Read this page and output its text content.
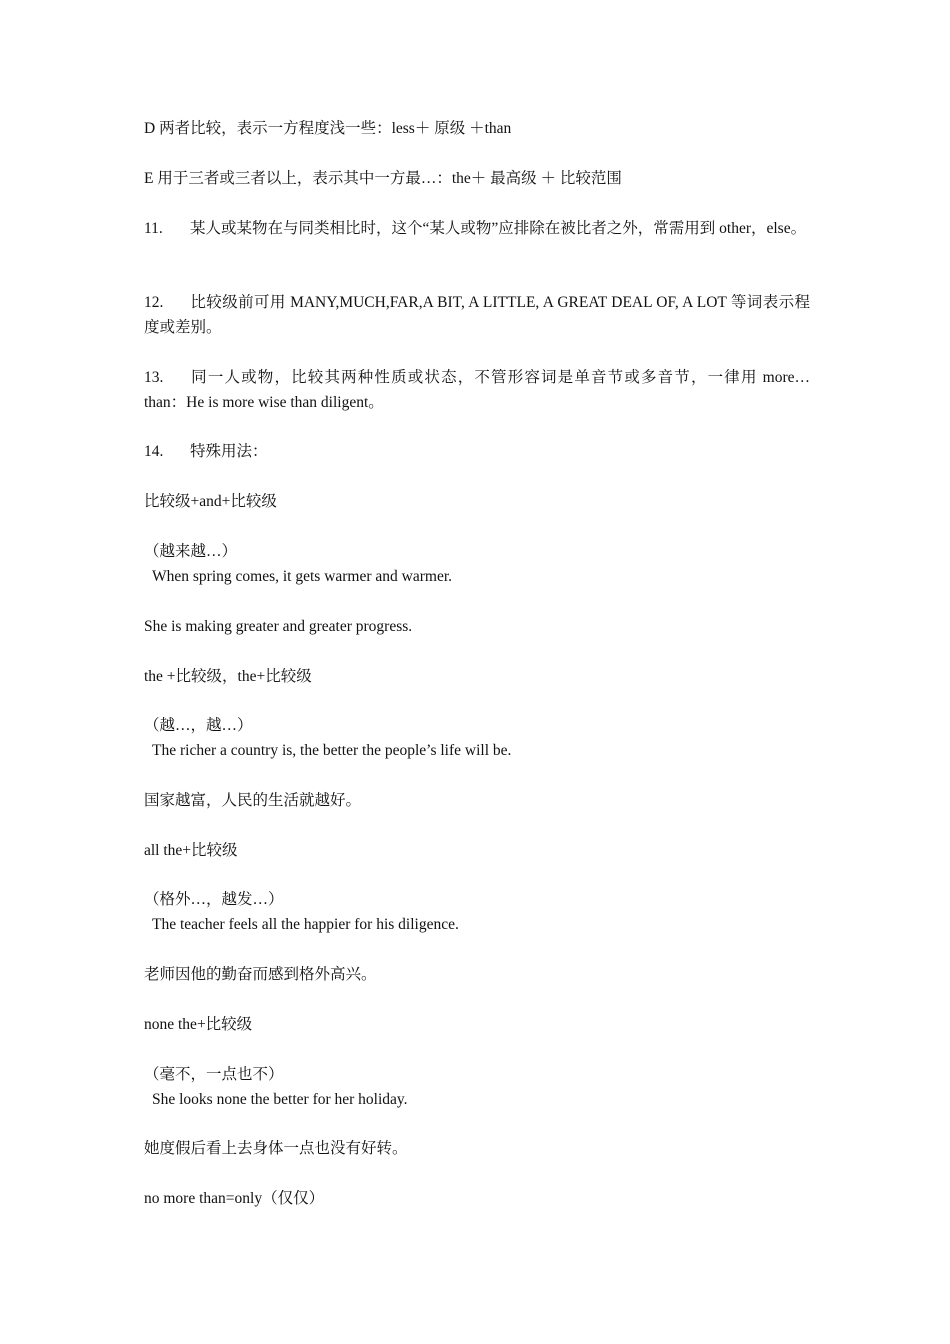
D 两者比较，表示一方程度浅一些：less＋ 原级 ＋than
E 用于三者或三者以上，表示其中一方最…：the＋ 最高级 ＋ 比较范围
11. 某人或某物在与同类相比时，这个“某人或物”应排除在被比者之外，常需用到 other，else。
12. 比较级前可用 MANY,MUCH,FAR,A BIT, A LITTLE, A GREAT DEAL OF, A LOT 等词表示程度或差别。
13. 同一人或物，比较其两种性质或状态，不管形容词是单音节或多音节，一律用 more…than：He is more wise than diligent。
14. 特殊用法：
比较级+and+比较级
（越来越…）
When spring comes, it gets warmer and warmer.
She is making greater and greater progress.
the +比较级，the+比较级
（越…，越…）
The richer a country is, the better the people’s life will be.
国家越富，人民的生活就越好。
all the+比较级
（格外…，越发…）
The teacher feels all the happier for his diligence.
老师因他的勤奋而感到格外高兴。
none the+比较级
（毫不，一点也不）
She looks none the better for her holiday.
她度假后看上去身体一点也没有好转。
no more than=only（仅仅）
